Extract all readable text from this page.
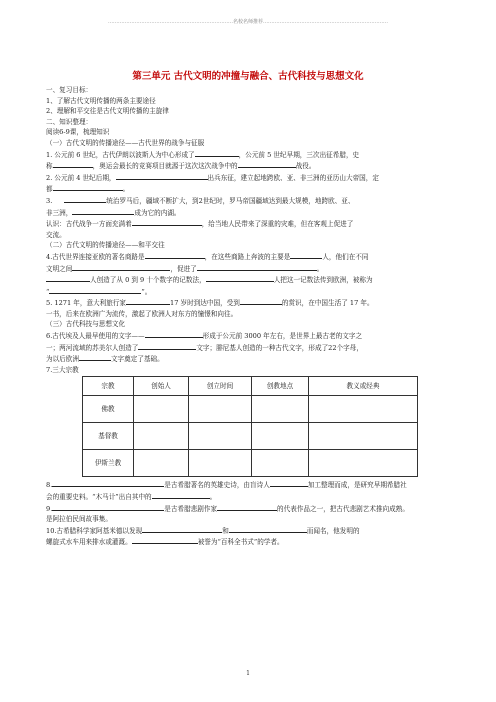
…………………………………………………………………名校名师推荐…………………………………………………………………
第三单元 古代文明的冲撞与融合、古代科技与思想文化

一、复习目标：

1、了解古代文明传播的两条主要途径

2、理解和平交往是古代文明传播的主旋律

二、知识整理：

阅读6-9课，梳理知识

（一）古代文明的传播途径——古代世界的战争与征服

1. 公元前 6 世纪，古代伊朗以波斯人为中心形成了	，公元前 5 世纪早期，三次出征希腊，史

称	，奥运会最长的竞赛项目就源于这次这次战争中的	战役。

2. 公元前 4 世纪后期，	出兵东征，建立起地跨欧、亚、非三洲的亚历山大帝国，定

都	。

3.	统治罗马后，疆域不断扩大，到2世纪时，罗马帝国疆域达到最大规模，地跨欧、亚、

非三洲，	成为它的内湖。

认识：古代战争一方面充满着	，给当地人民带来了深重的灾难，但在客观上促进了

交流。

（二）古代文明的传播途径——和平交往

4.古代世界连接亚欧的著名商路是	，在这些商路上奔波的主要是	人，他们在不同

文明之间	，促进了	。

人创造了从 0 到 9 十个数字的记数法，	人把这一记数法传到欧洲，被称为

“	”。

5. 1271 年，意大利旅行家	17 岁时到达中国，受到	的赏识，在中国生活了 17 年。

一书，后来在欧洲广为流传，激起了欧洲人对东方的憧憬和向往。

（三）古代科技与思想文化

6.古代埃及人最早使用的文字——	形成于公元前 3000 年左右，是世界上最古老的文字之

一；两河流域的苏美尔人创造了	文字；腓尼基人创造的一种古代文字，形成了22个字母，

为以后欧洲	文字奠定了基础。

7.三大宗教

宗教	创始人	创立时间	创教地点	教义或经典
佛教				
基督教				
伊斯兰教				

8.	是古希腊著名的英雄史诗，由盲诗人	加工整理而成，是研究早期希腊社

会的重要史料。“木马计”出自其中的	。

9.	是古希腊悲剧作家	的代表作品之一，把古代悲剧艺术推向成熟。

是阿拉伯民间故事集。

10.古希腊科学家阿基米德以发现	和	而闻名，他发明的

螺旋式水车用来排水或灌溉。	被誉为“百科全书式”的学者。

1
